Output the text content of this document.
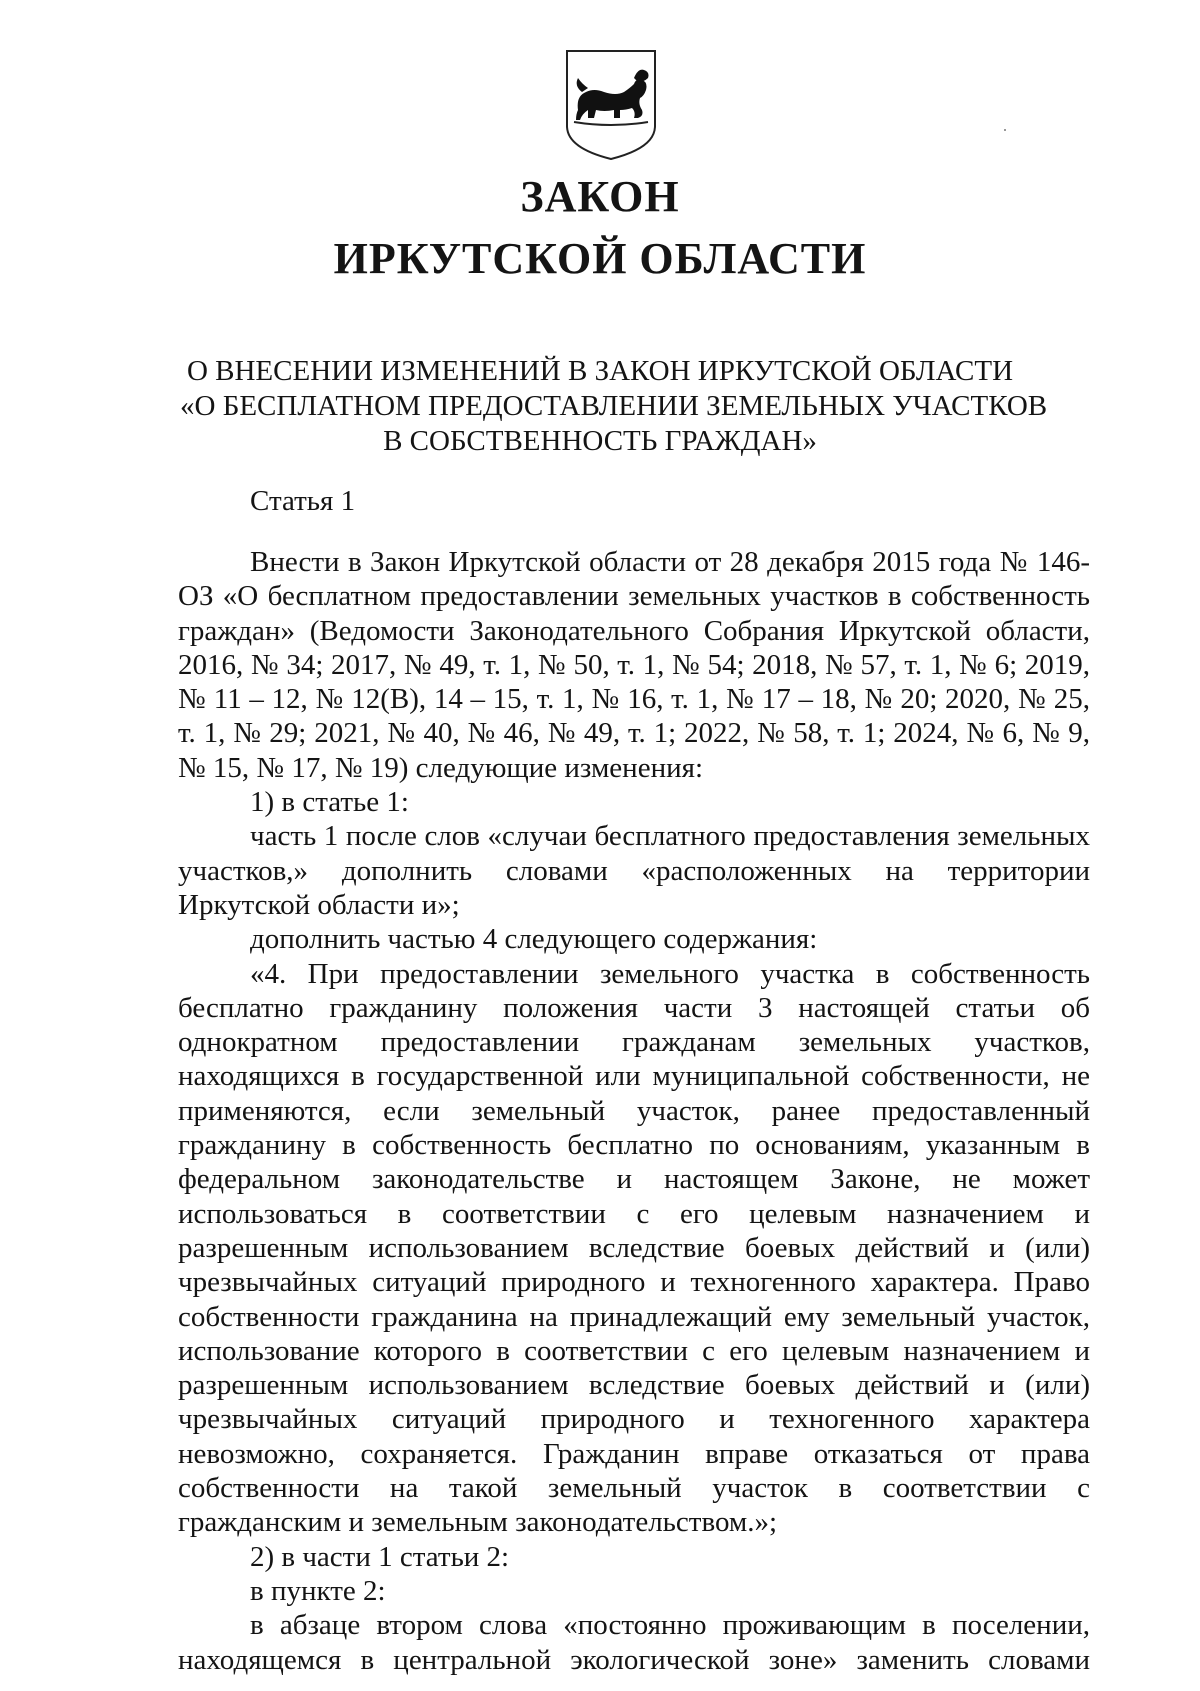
ЗАКОН
ИРКУТСКОЙ ОБЛАСТИ
О ВНЕСЕНИИ ИЗМЕНЕНИЙ В ЗАКОН ИРКУТСКОЙ ОБЛАСТИ
«О БЕСПЛАТНОМ ПРЕДОСТАВЛЕНИИ ЗЕМЕЛЬНЫХ УЧАСТКОВ
В СОБСТВЕННОСТЬ ГРАЖДАН»
Статья 1

Внести в Закон Иркутской области от 28 декабря 2015 года № 146-ОЗ «О бесплатном предоставлении земельных участков в собственность граждан» (Ведомости Законодательного Собрания Иркутской области, 2016, № 34; 2017, № 49, т. 1, № 50, т. 1, № 54; 2018, № 57, т. 1, № 6; 2019, № 11 – 12, № 12(В), 14 – 15, т. 1, № 16, т. 1, № 17 – 18, № 20; 2020, № 25, т. 1, № 29; 2021, № 40, № 46, № 49, т. 1; 2022, № 58, т. 1; 2024, № 6, № 9, № 15, № 17, № 19) следующие изменения:

1) в статье 1:

часть 1 после слов «случаи бесплатного предоставления земельных участков,» дополнить словами «расположенных на территории Иркутской области и»;

дополнить частью 4 следующего содержания:

«4. При предоставлении земельного участка в собственность бесплатно гражданину положения части 3 настоящей статьи об однократном предоставлении гражданам земельных участков, находящихся в государственной или муниципальной собственности, не применяются, если земельный участок, ранее предоставленный гражданину в собственность бесплатно по основаниям, указанным в федеральном законодательстве и настоящем Законе, не может использоваться в соответствии с его целевым назначением и разрешенным использованием вследствие боевых действий и (или) чрезвычайных ситуаций природного и техногенного характера. Право собственности гражданина на принадлежащий ему земельный участок, использование которого в соответствии с его целевым назначением и разрешенным использованием вследствие боевых действий и (или) чрезвычайных ситуаций природного и техногенного характера невозможно, сохраняется. Гражданин вправе отказаться от права собственности на такой земельный участок в соответствии с гражданским и земельным законодательством.»;

2) в части 1 статьи 2:

в пункте 2:

в абзаце втором слова «постоянно проживающим в поселении, находящемся в центральной экологической зоне» заменить словами
